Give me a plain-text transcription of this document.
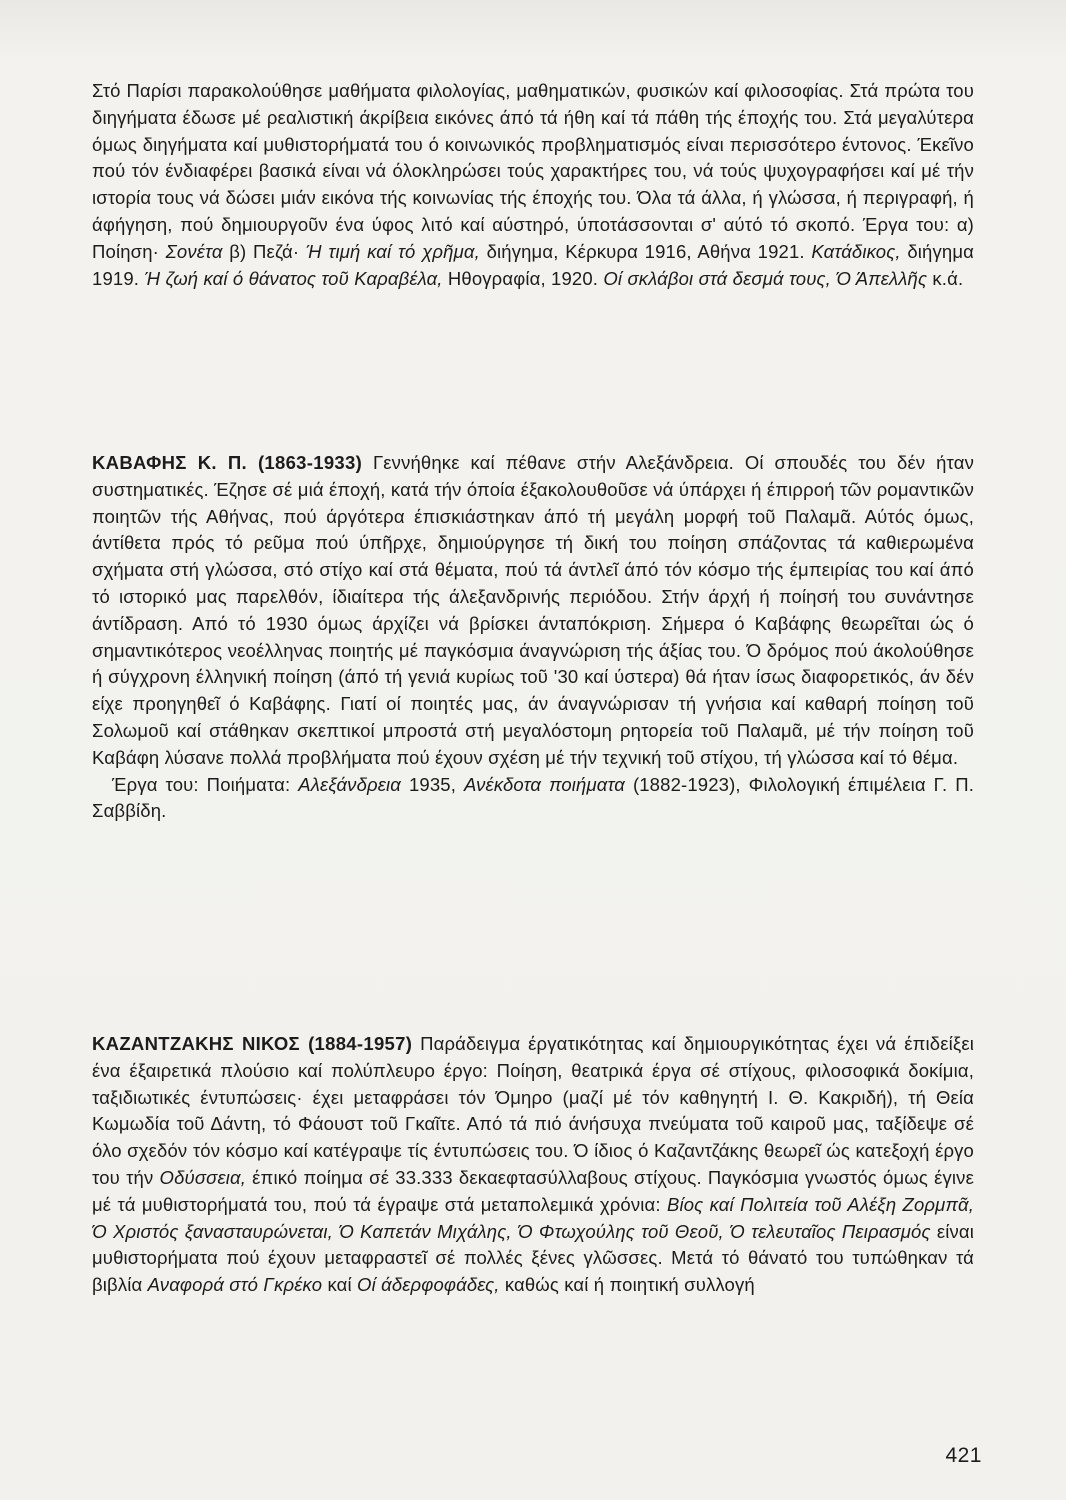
Στό Παρίσι παρακολούθησε μαθήματα φιλολογίας, μαθηματικών, φυσικών καί φιλοσοφίας. Στά πρώτα του διηγήματα έδωσε μέ ρεαλιστική άκρίβεια εικόνες άπό τά ήθη καί τά πάθη τής έποχής του. Στά μεγαλύτερα όμως διηγήματα καί μυθιστορήματά του ό κοινωνικός προβληματισμός είναι περισσότερο έντονος. Έκεῖνο πού τόν ένδιαφέρει βασικά είναι νά όλοκληρώσει τούς χαρακτήρες του, νά τούς ψυχογραφήσει καί μέ τήν ιστορία τους νά δώσει μιάν εικόνα τής κοινωνίας τής έποχής του. Όλα τά άλλα, ή γλώσσα, ή περιγραφή, ή άφήγηση, πού δημιουργοῦν ένα ύφος λιτό καί αύστηρό, ύποτάσσονται σ' αύτό τό σκοπό. Έργα του: α) Ποίηση· Σονέτα β) Πεζά· Ή τιμή καί τό χρῆμα, διήγημα, Κέρκυρα 1916, Αθήνα 1921. Κατάδικος, διήγημα 1919. Ή ζωή καί ό θάνατος τοῦ Καραβέλα, Ηθογραφία, 1920. Οί σκλάβοι στά δεσμά τους, Ό Άπελλῆς κ.ά.

ΚΑΒΑΦΗΣ Κ. Π. (1863-1933) Γεννήθηκε καί πέθανε στήν Αλεξάνδρεια. Οί σπουδές του δέν ήταν συστηματικές. Έζησε σέ μιά έποχή, κατά τήν όποία έξακολουθοῦσε νά ύπάρχει ή έπιρροή τῶν ρομαντικῶν ποιητῶν τής Αθήνας, πού άργότερα έπισκιάστηκαν άπό τή μεγάλη μορφή τοῦ Παλαμᾶ. Αύτός όμως, άντίθετα πρός τό ρεῦμα πού ύπῆρχε, δημιούργησε τή δική του ποίηση σπάζοντας τά καθιερωμένα σχήματα στή γλώσσα, στό στίχο καί στά θέματα, πού τά άντλεῖ άπό τόν κόσμο τής έμπειρίας του καί άπό τό ιστορικό μας παρελθόν, ίδιαίτερα τής άλεξανδρινής περιόδου. Στήν άρχή ή ποίησή του συνάντησε άντίδραση. Από τό 1930 όμως άρχίζει νά βρίσκει άνταπόκριση. Σήμερα ό Καβάφης θεωρεῖται ώς ό σημαντικότερος νεοέλληνας ποιητής μέ παγκόσμια άναγνώριση τής άξίας του. Ό δρόμος πού άκολούθησε ή σύγχρονη έλληνική ποίηση (άπό τή γενιά κυρίως τοῦ '30 καί ύστερα) θά ήταν ίσως διαφορετικός, άν δέν είχε προηγηθεῖ ό Καβάφης. Γιατί οί ποιητές μας, άν άναγνώρισαν τή γνήσια καί καθαρή ποίηση τοῦ Σολωμοῦ καί στάθηκαν σκεπτικοί μπροστά στή μεγαλόστομη ρητορεία τοῦ Παλαμᾶ, μέ τήν ποίηση τοῦ Καβάφη λύσανε πολλά προβλήματα πού έχουν σχέση μέ τήν τεχνική τοῦ στίχου, τή γλώσσα καί τό θέμα.

Έργα του: Ποιήματα: Αλεξάνδρεια 1935, Ανέκδοτα ποιήματα (1882-1923), Φιλολογική έπιμέλεια Γ. Π. Σαββίδη.

ΚΑΖΑΝΤΖΑΚΗΣ ΝΙΚΟΣ (1884-1957) Παράδειγμα έργατικότητας καί δημιουργικότητας έχει νά έπιδείξει ένα έξαιρετικά πλούσιο καί πολύπλευρο έργο: Ποίηση, θεατρικά έργα σέ στίχους, φιλοσοφικά δοκίμια, ταξιδιωτικές έντυπώσεις· έχει μεταφράσει τόν Όμηρο (μαζί μέ τόν καθηγητή Ι. Θ. Κακριδή), τή Θεία Κωμωδία τοῦ Δάντη, τό Φάουστ τοῦ Γκαῖτε. Από τά πιό άνήσυχα πνεύματα τοῦ καιροῦ μας, ταξίδεψε σέ όλο σχεδόν τόν κόσμο καί κατέγραψε τίς έντυπώσεις του. Ό ίδιος ό Καζαντζάκης θεωρεῖ ώς κατεξοχή έργο του τήν Οδύσσεια, έπικό ποίημα σέ 33.333 δεκαεφτασύλλαβους στίχους. Παγκόσμια γνωστός όμως έγινε μέ τά μυθιστορήματά του, πού τά έγραψε στά μεταπολεμικά χρόνια: Βίος καί Πολιτεία τοῦ Αλέξη Ζορμπᾶ, Ό Χριστός ξανασταυρώνεται, Ό Καπετάν Μιχάλης, Ό Φτωχούλης τοῦ Θεοῦ, Ό τελευταῖος Πειρασμός είναι μυθιστορήματα πού έχουν μεταφραστεῖ σέ πολλές ξένες γλῶσσες. Μετά τό θάνατό του τυπώθηκαν τά βιβλία Αναφορά στό Γκρέκο καί Οί άδερφοφάδες, καθώς καί ή ποιητική συλλογή

421
